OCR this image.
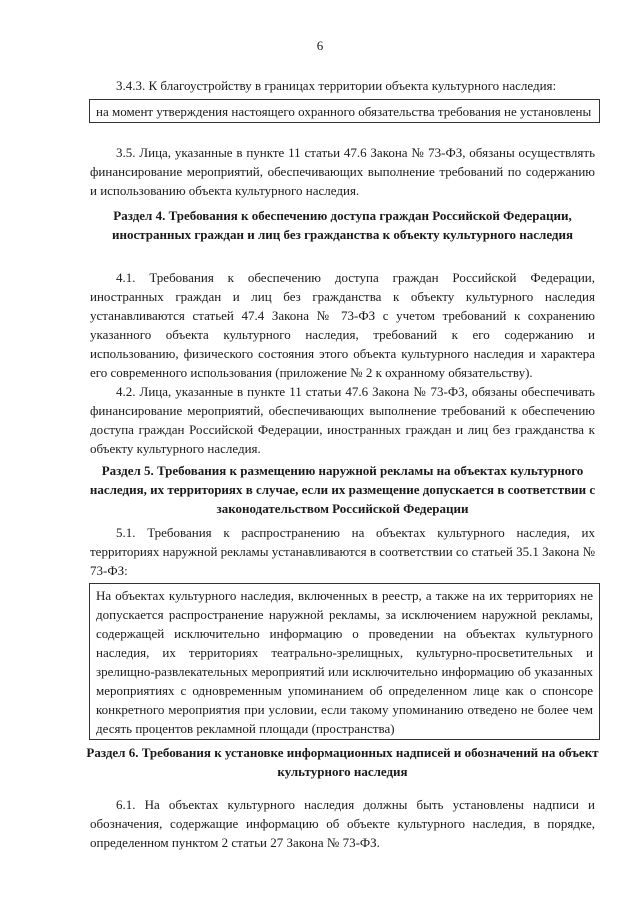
6

3.4.3. К благоустройству в границах территории объекта культурного наследия:

на момент утверждения настоящего охранного обязательства требования не установлены

3.5. Лица, указанные в пункте 11 статьи 47.6 Закона № 73-ФЗ, обязаны осуществлять финансирование мероприятий, обеспечивающих выполнение требований по содержанию и использованию объекта культурного наследия.

Раздел 4. Требования к обеспечению доступа граждан Российской Федерации, иностранных граждан и лиц без гражданства к объекту культурного наследия

4.1. Требования к обеспечению доступа граждан Российской Федерации, иностранных граждан и лиц без гражданства к объекту культурного наследия устанавливаются статьей 47.4 Закона № 73-ФЗ с учетом требований к сохранению указанного объекта культурного наследия, требований к его содержанию и использованию, физического состояния этого объекта культурного наследия и характера его современного использования (приложение № 2 к охранному обязательству).

4.2. Лица, указанные в пункте 11 статьи 47.6 Закона № 73-ФЗ, обязаны обеспечивать финансирование мероприятий, обеспечивающих выполнение требований к обеспечению доступа граждан Российской Федерации, иностранных граждан и лиц без гражданства к объекту культурного наследия.

Раздел 5. Требования к размещению наружной рекламы на объектах культурного наследия, их территориях в случае, если их размещение допускается в соответствии с законодательством Российской Федерации

5.1. Требования к распространению на объектах культурного наследия, их территориях наружной рекламы устанавливаются в соответствии со статьей 35.1 Закона № 73-ФЗ:

На объектах культурного наследия, включенных в реестр, а также на их территориях не допускается распространение наружной рекламы, за исключением наружной рекламы, содержащей исключительно информацию о проведении на объектах культурного наследия, их территориях театрально-зрелищных, культурно-просветительных и зрелищно-развлекательных мероприятий или исключительно информацию об указанных мероприятиях с одновременным упоминанием об определенном лице как о спонсоре конкретного мероприятия при условии, если такому упоминанию отведено не более чем десять процентов рекламной площади (пространства)

Раздел 6. Требования к установке информационных надписей и обозначений на объект культурного наследия

6.1. На объектах культурного наследия должны быть установлены надписи и обозначения, содержащие информацию об объекте культурного наследия, в порядке, определенном пунктом 2 статьи 27 Закона № 73-ФЗ.
